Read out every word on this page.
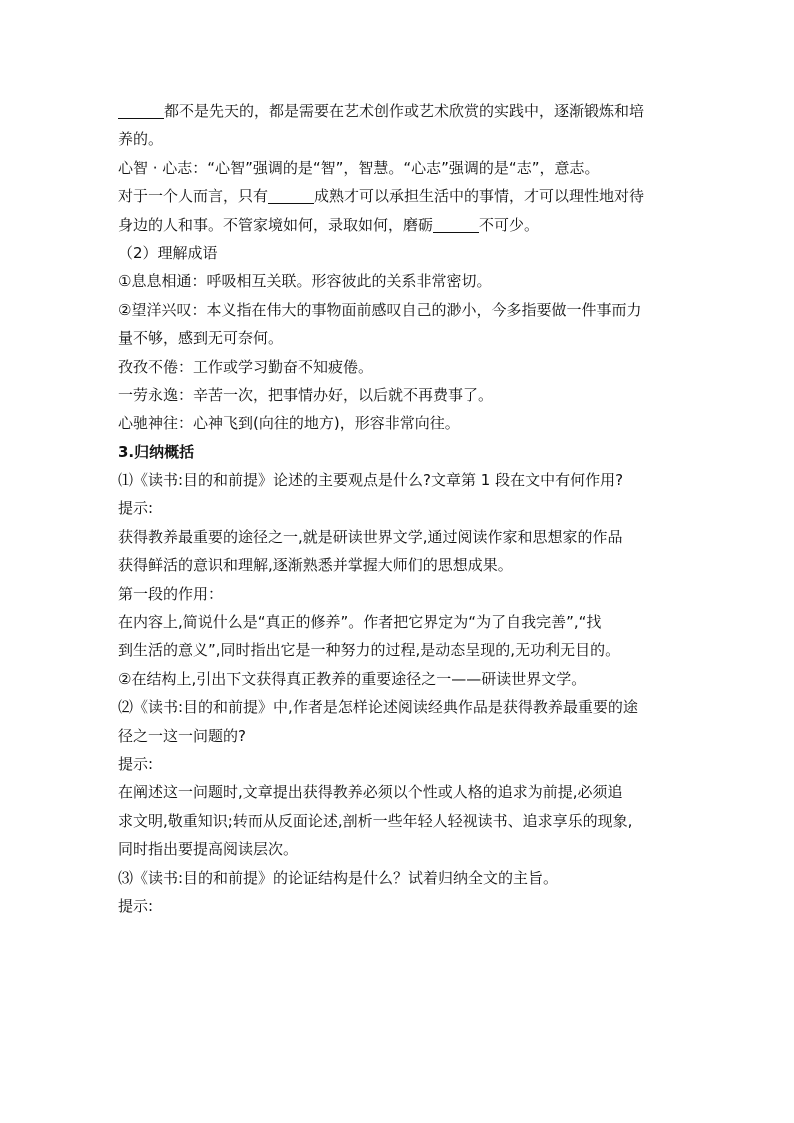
都不是先天的，都是需要在艺术创作或艺术欣赏的实践中，逐渐锻炼和培
养的。
心智 · 心志：“心智”强调的是“智”，智慧。“心志”强调的是“志”，意志。
对于一个人而言，只有	成熟才可以承担生活中的事情，才可以理性地对待
身边的人和事。不管家境如何，录取如何，磨砺	不可少。
（2）理解成语
①息息相通：呼吸相互关联。形容彼此的关系非常密切。
②望洋兴叹：本义指在伟大的事物面前感叹自己的渺小，今多指要做一件事而力
量不够，感到无可奈何。
孜孜不倦：工作或学习勤奋不知疲倦。
一劳永逸：辛苦一次，把事情办好，以后就不再费事了。
心驰神往：心神飞到(向往的地方)，形容非常向往。
3.归纳概括
⑴《读书:目的和前提》论述的主要观点是什么?文章第 1 段在文中有何作用?
提示:
获得教养最重要的途径之一,就是研读世界文学,通过阅读作家和思想家的作品
获得鲜活的意识和理解,逐渐熟悉并掌握大师们的思想成果。
第一段的作用：
在内容上,简说什么是“真正的修养”。作者把它界定为“为了自我完善”,“找
到生活的意义”,同时指出它是一种努力的过程,是动态呈现的,无功利无目的。
②在结构上,引出下文获得真正教养的重要途径之一——研读世界文学。
⑵《读书:目的和前提》中,作者是怎样论述阅读经典作品是获得教养最重要的途
径之一这一问题的?
提示:
在阐述这一问题时,文章提出获得教养必须以个性或人格的追求为前提,必须追
求文明,敬重知识;转而从反面论述,剖析一些年轻人轻视读书、追求享乐的现象,
同时指出要提高阅读层次。
⑶《读书:目的和前提》的论证结构是什么？试着归纳全文的主旨。
提示:
